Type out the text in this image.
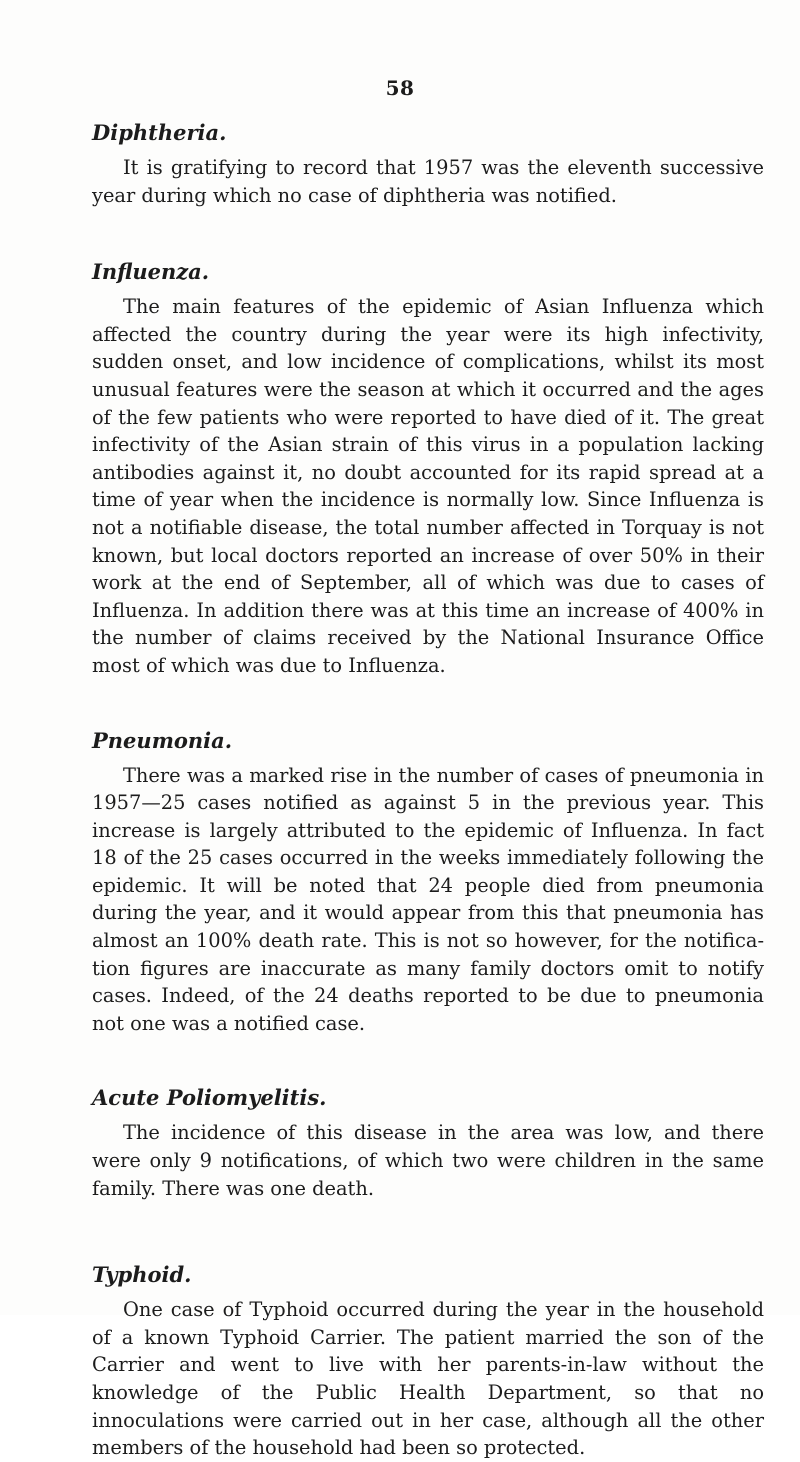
58
Diphtheria.

It is gratifying to record that 1957 was the eleventh successive year during which no case of diphtheria was notified.

Influenza.

The main features of the epidemic of Asian Influenza which affected the country during the year were its high infectivity, sudden onset, and low incidence of complications, whilst its most unusual features were the season at which it occurred and the ages of the few patients who were reported to have died of it. The great infectivity of the Asian strain of this virus in a population lacking antibodies against it, no doubt accounted for its rapid spread at a time of year when the incidence is normally low. Since Influenza is not a notifiable disease, the total number affected in Torquay is not known, but local doctors reported an increase of over 50% in their work at the end of September, all of which was due to cases of Influenza. In addition there was at this time an increase of 400% in the number of claims received by the National Insurance Office most of which was due to Influenza.

Pneumonia.

There was a marked rise in the number of cases of pneumonia in 1957—25 cases notified as against 5 in the previous year. This increase is largely attributed to the epidemic of Influenza. In fact 18 of the 25 cases occurred in the weeks immediately following the epidemic. It will be noted that 24 people died from pneumonia during the year, and it would appear from this that pneumonia has almost an 100% death rate. This is not so however, for the notifica-tion figures are inaccurate as many family doctors omit to notify cases. Indeed, of the 24 deaths reported to be due to pneumonia not one was a notified case.

Acute Poliomyelitis.

The incidence of this disease in the area was low, and there were only 9 notifications, of which two were children in the same family. There was one death.

Typhoid.

One case of Typhoid occurred during the year in the household of a known Typhoid Carrier. The patient married the son of the Carrier and went to live with her parents-in-law without the knowledge of the Public Health Department, so that no innoculations were carried out in her case, although all the other members of the household had been so protected.
